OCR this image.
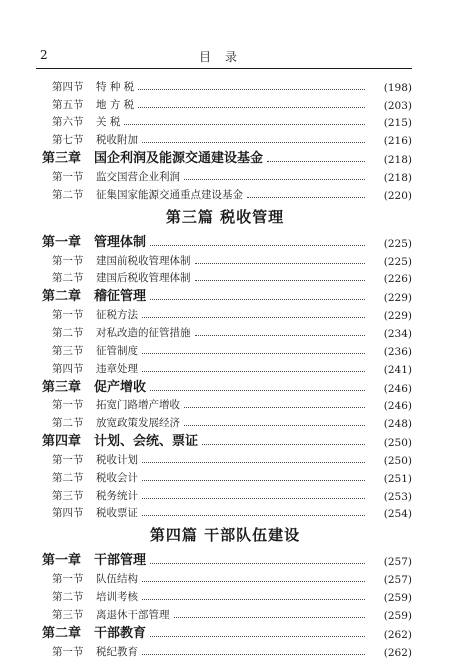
2	目录
第四节	特 种 税	(198)
第五节	地 方 税	(203)
第六节	关 税	(215)
第七节	税收附加	(216)
第三章 国企利润及能源交通建设基金	(218)
第一节	监交国营企业利润	(218)
第二节	征集国家能源交通重点建设基金	(220)
第三篇 税收管理
第一章 管理体制	(225)
第一节	建国前税收管理体制	(225)
第二节	建国后税收管理体制	(226)
第二章 稽征管理	(229)
第一节	征税方法	(229)
第二节	对私改造的征管措施	(234)
第三节	征管制度	(236)
第四节	违章处理	(241)
第三章 促产增收	(246)
第一节	拓宽门路增产增收	(246)
第二节	放宽政策发展经济	(248)
第四章 计划、会统、票证	(250)
第一节	税收计划	(250)
第二节	税收会计	(251)
第三节	税务统计	(253)
第四节	税收票证	(254)
第四篇 干部队伍建设
第一章 干部管理	(257)
第一节	队伍结构	(257)
第二节	培训考核	(259)
第三节	离退休干部管理	(259)
第二章 干部教育	(262)
第一节	税纪教育	(262)
